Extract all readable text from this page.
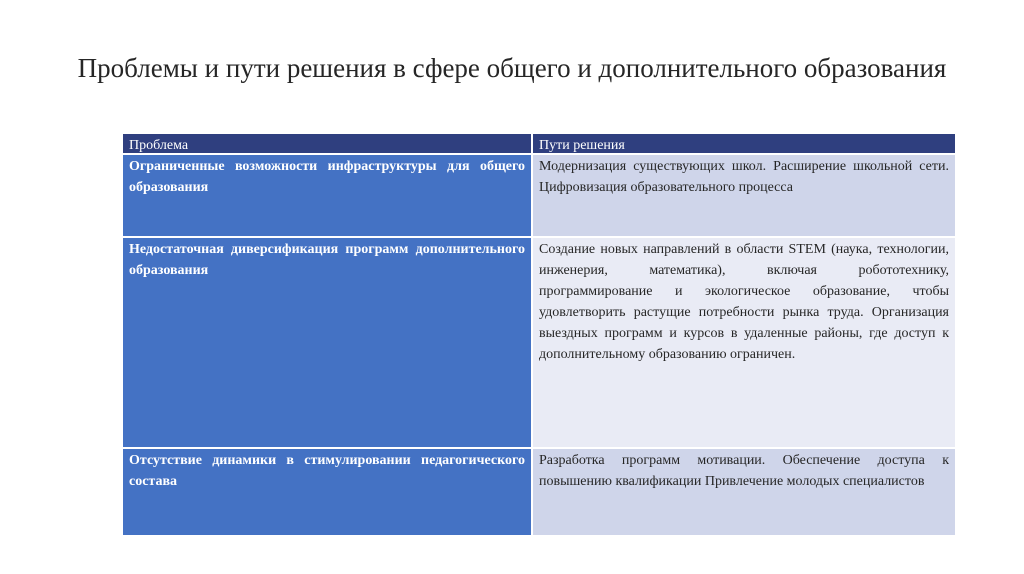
Проблемы и пути решения в сфере общего и дополнительного образования
Проблема	Пути решения
Ограниченные возможности инфраструктуры для общего образования
Модернизация существующих школ. Расширение школьной сети. Цифровизация образовательного процесса
Недостаточная диверсификация программ дополнительного образования
Создание новых направлений в области STEM (наука, технологии, инженерия, математика), включая робототехнику, программирование и экологическое образование, чтобы удовлетворить растущие потребности рынка труда. Организация выездных программ и курсов в удаленные районы, где доступ к дополнительному образованию ограничен.
Отсутствие динамики в стимулировании педагогического состава
Разработка программ мотивации. Обеспечение доступа к повышению квалификации Привлечение молодых специалистов
